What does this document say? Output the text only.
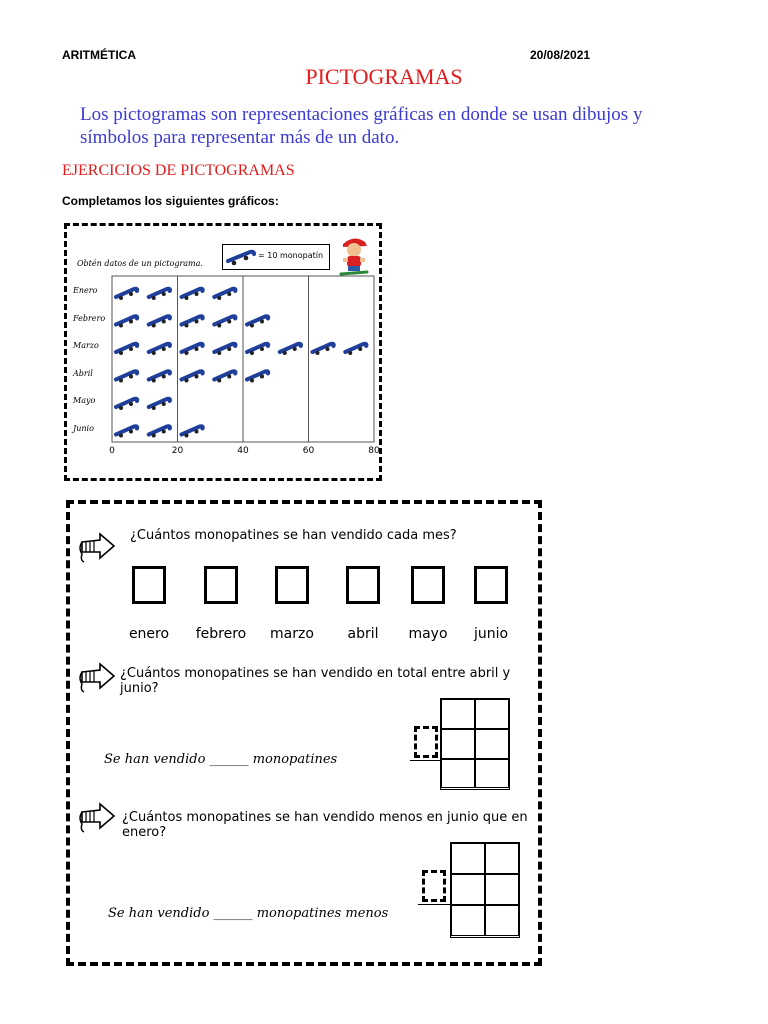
ARITMÉTICA	20/08/2021
PICTOGRAMAS
Los pictogramas son representaciones gráficas en donde se usan dibujos y símbolos para representar más de un dato.
EJERCICIOS DE PICTOGRAMAS
Completamos los siguientes gráficos:
Obtén datos de un pictograma.
= 10 monopatín
Enero
Febrero
Marzo
Abril
Mayo
Junio
0	20	40	60	80
¿Cuántos monopatines se han vendido cada mes?
enero	febrero	marzo	abril	mayo	junio
¿Cuántos monopatines se han vendido en total entre abril y junio?
Se han vendido ______ monopatines
¿Cuántos monopatines se han vendido menos en junio que en enero?
Se han vendido ______ monopatines menos
